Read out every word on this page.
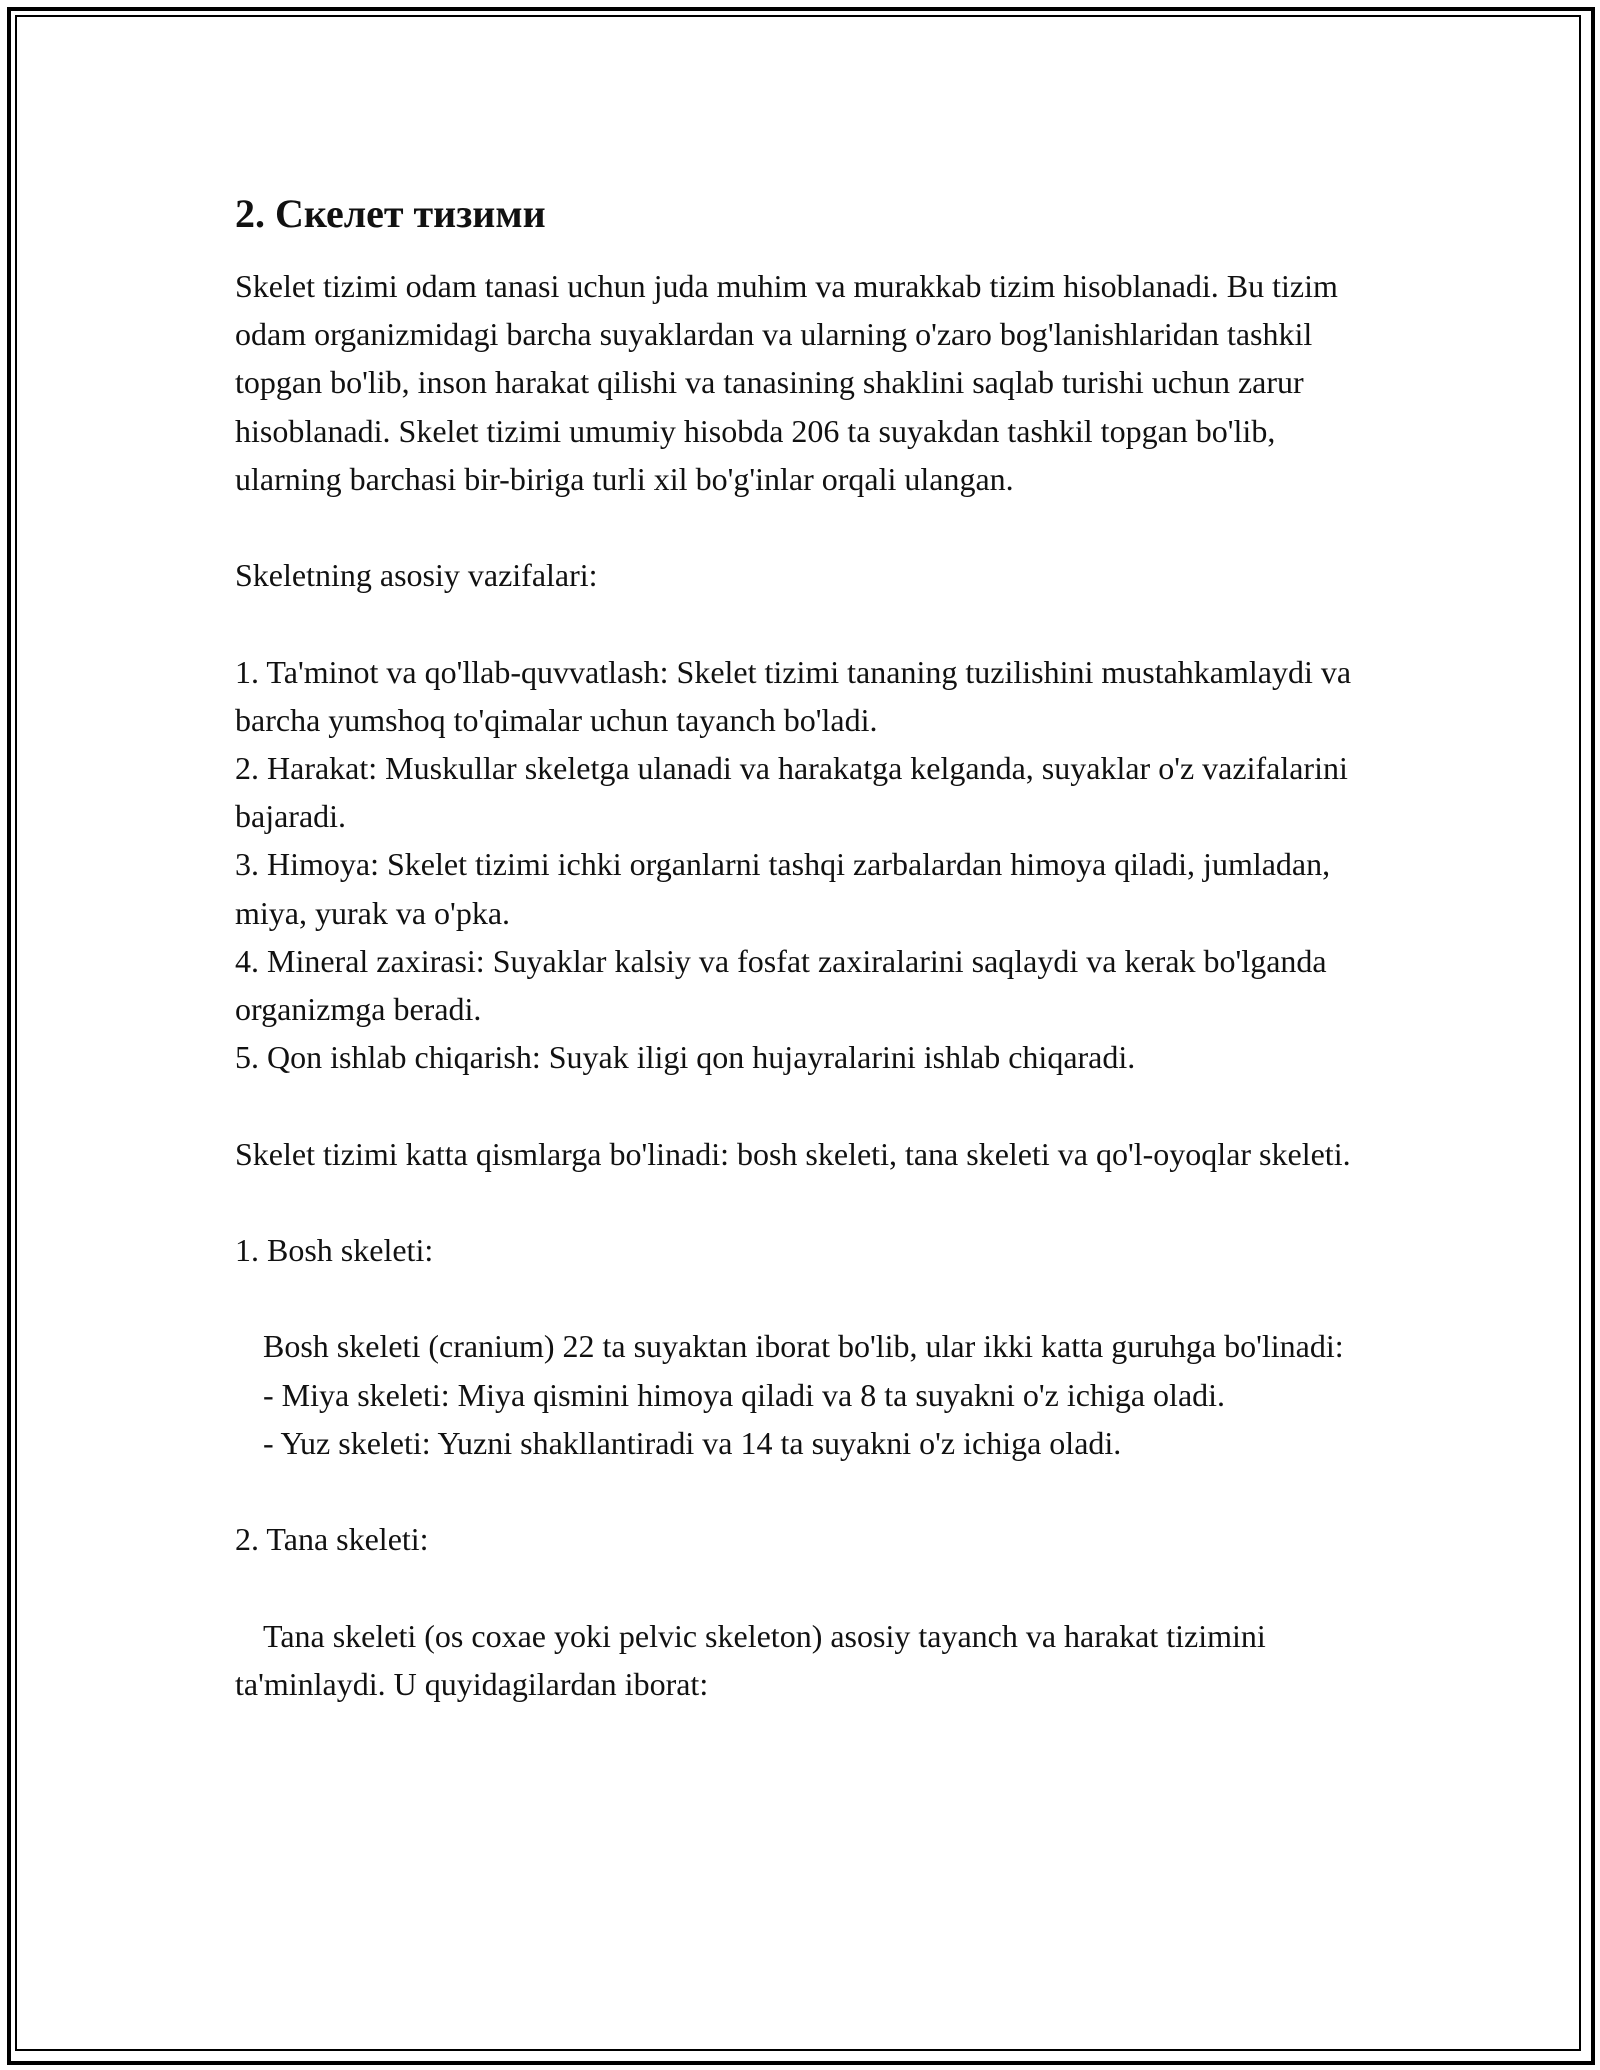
2. Скелет тизими

Skelet tizimi odam tanasi uchun juda muhim va murakkab tizim hisoblanadi. Bu tizim odam organizmidagi barcha suyaklardan va ularning o'zaro bog'lanishlaridan tashkil topgan bo'lib, inson harakat qilishi va tanasining shaklini saqlab turishi uchun zarur hisoblanadi. Skelet tizimi umumiy hisobda 206 ta suyakdan tashkil topgan bo'lib, ularning barchasi bir-biriga turli xil bo'g'inlar orqali ulangan.

Skeletning asosiy vazifalari:

1. Ta'minot va qo'llab-quvvatlash: Skelet tizimi tananing tuzilishini mustahkamlaydi va barcha yumshoq to'qimalar uchun tayanch bo'ladi.

2. Harakat: Muskullar skeletga ulanadi va harakatga kelganda, suyaklar o'z vazifalarini bajaradi.

3. Himoya: Skelet tizimi ichki organlarni tashqi zarbalardan himoya qiladi, jumladan, miya, yurak va o'pka.

4. Mineral zaxirasi: Suyaklar kalsiy va fosfat zaxiralarini saqlaydi va kerak bo'lganda organizmga beradi.

5. Qon ishlab chiqarish: Suyak iligi qon hujayralarini ishlab chiqaradi.

Skelet tizimi katta qismlarga bo'linadi: bosh skeleti, tana skeleti va qo'l-oyoqlar skeleti.

1. Bosh skeleti:

Bosh skeleti (cranium) 22 ta suyaktan iborat bo'lib, ular ikki katta guruhga bo'linadi:

- Miya skeleti: Miya qismini himoya qiladi va 8 ta suyakni o'z ichiga oladi.

- Yuz skeleti: Yuzni shakllantiradi va 14 ta suyakni o'z ichiga oladi.

2. Tana skeleti:

Tana skeleti (os coxae yoki pelvic skeleton) asosiy tayanch va harakat tizimini ta'minlaydi. U quyidagilardan iborat:
